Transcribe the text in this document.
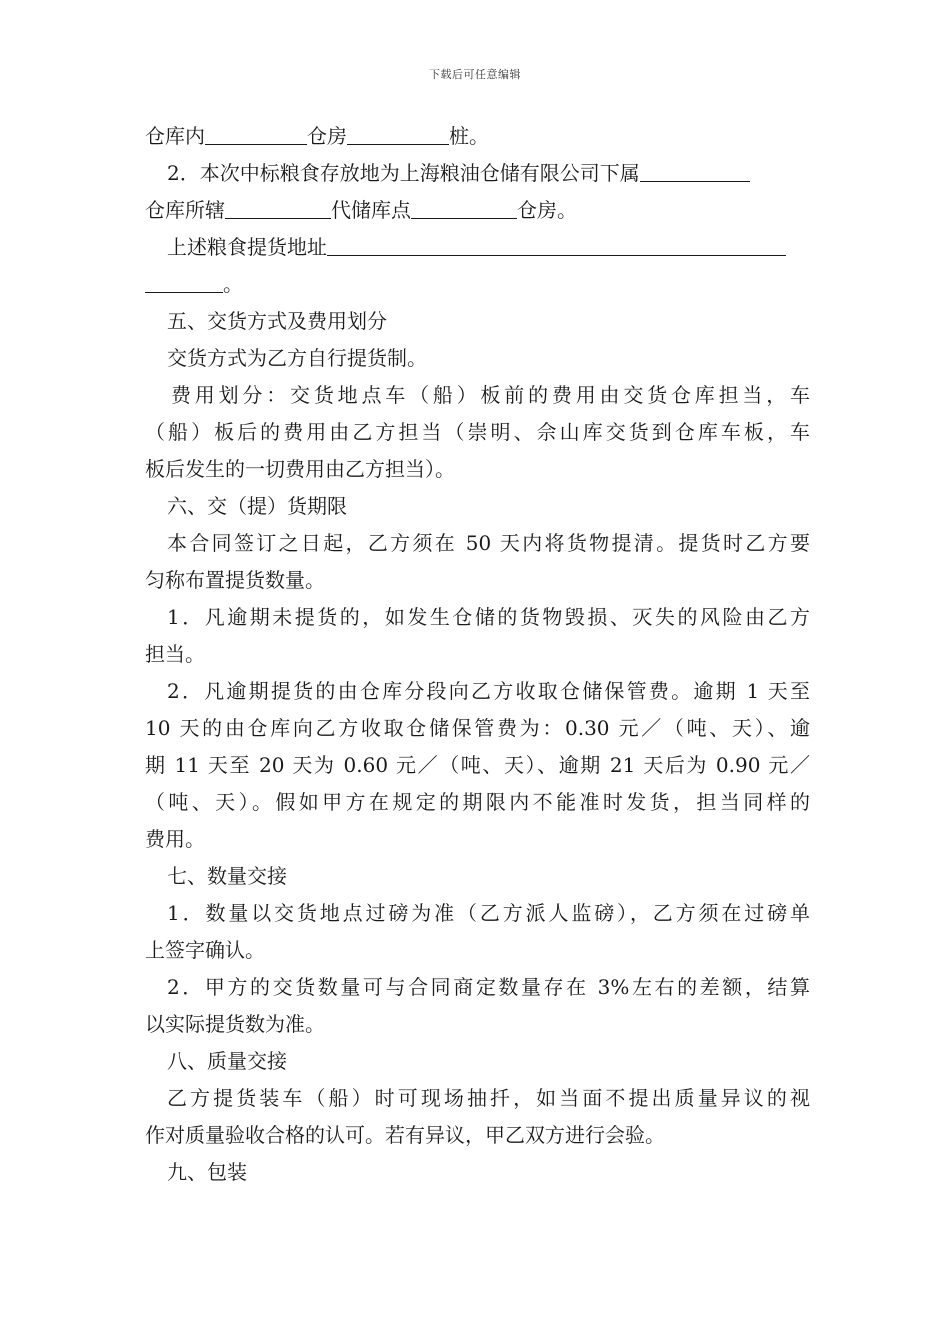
下载后可任意编辑
仓库内	仓房	桩。
2．本次中标粮食存放地为上海粮油仓储有限公司下属
仓库所辖	代储库点	仓房。
上述粮食提货地址
。
五、交货方式及费用划分
交货方式为乙方自行提货制。
费用划分：交货地点车（船）板前的费用由交货仓库担当，车
（船）板后的费用由乙方担当（崇明、佘山库交货到仓库车板，车
板后发生的一切费用由乙方担当）。
六、交（提）货期限
本合同签订之日起，乙方须在 50 天内将货物提清。提货时乙方要
匀称布置提货数量。
1．凡逾期未提货的，如发生仓储的货物毁损、灭失的风险由乙方
担当。
2．凡逾期提货的由仓库分段向乙方收取仓储保管费。逾期 1 天至
10 天的由仓库向乙方收取仓储保管费为：0.30 元／（吨、天）、逾
期 11 天至 20 天为 0.60 元／（吨、天）、逾期 21 天后为 0.90 元／
（吨、天）。假如甲方在规定的期限内不能准时发货，担当同样的
费用。
七、数量交接
1．数量以交货地点过磅为准（乙方派人监磅），乙方须在过磅单
上签字确认。
2．甲方的交货数量可与合同商定数量存在 3%左右的差额，结算
以实际提货数为准。
八、质量交接
乙方提货装车（船）时可现场抽扦，如当面不提出质量异议的视
作对质量验收合格的认可。若有异议，甲乙双方进行会验。
九、包装
